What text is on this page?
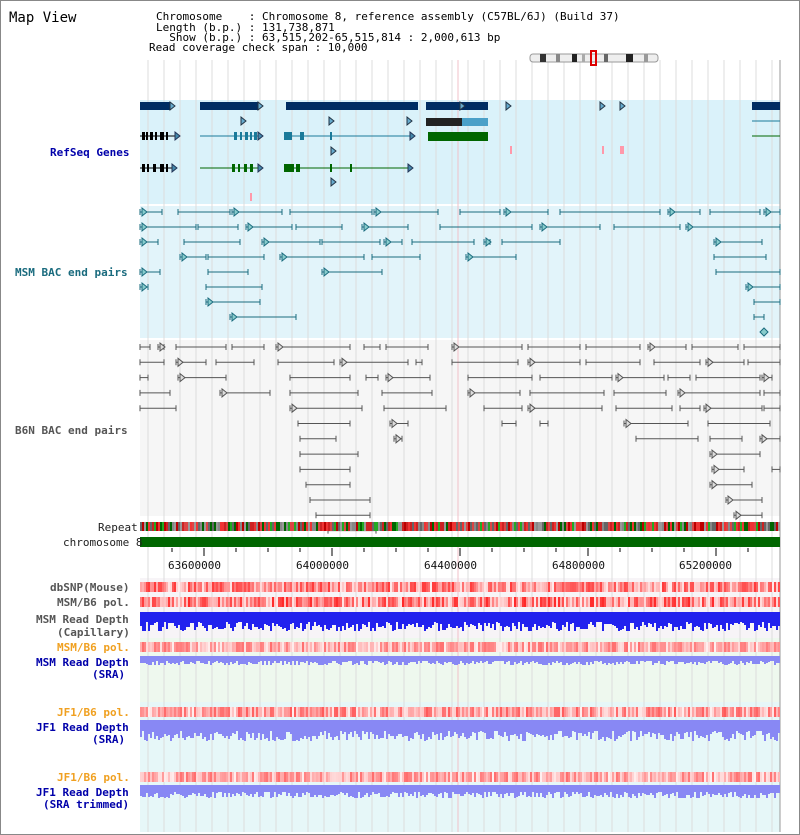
Map View	Chromosome    : Chromosome 8, reference assembly (C57BL/6J) (Build 37)
Length (b.p.) : 131,738,871
Show (b.p.) : 63,515,202-65,515,814 : 2,000,613 bp
Read coverage check span : 10,000
RefSeq Genes
MSM BAC end pairs
B6N BAC end pairs
Repeat
chromosome 8
dbSNP(Mouse)
MSM/B6 pol.
MSM Read Depth
(Capillary)
MSM/B6 pol.
MSM Read Depth
(SRA)
JF1/B6 pol.
JF1 Read Depth
(SRA)
JF1/B6 pol.
JF1 Read Depth
(SRA trimmed)
63600000	64000000	64400000	64800000	65200000
